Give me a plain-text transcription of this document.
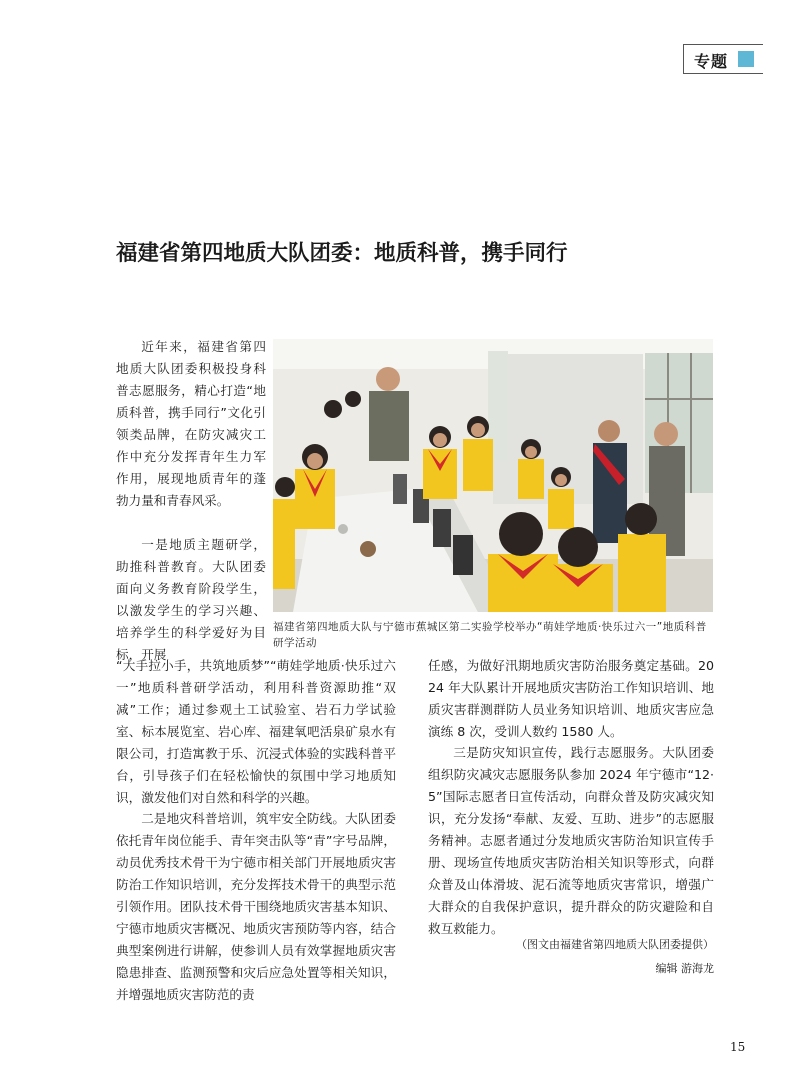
专题
福建省第四地质大队团委：地质科普，携手同行
福建省第四地质大队与宁德市蕉城区第二实验学校举办“萌娃学地质·快乐过六一”地质科普研学活动

近年来，福建省第四地质大队团委积极投身科普志愿服务，精心打造“地质科普，携手同行”文化引领类品牌，在防灾减灾工作中充分发挥青年生力军作用，展现地质青年的蓬勃力量和青春风采。

一是地质主题研学，助推科普教育。大队团委面向义务教育阶段学生，以激发学生的学习兴趣、培养学生的科学爱好为目标，开展

“大手拉小手，共筑地质梦”“萌娃学地质·快乐过六一”地质科普研学活动，利用科普资源助推“双减”工作；通过参观土工试验室、岩石力学试验室、标本展览室、岩心库、福建氧吧活泉矿泉水有限公司，打造寓教于乐、沉浸式体验的实践科普平台，引导孩子们在轻松愉快的氛围中学习地质知识，激发他们对自然和科学的兴趣。

二是地灾科普培训，筑牢安全防线。大队团委依托青年岗位能手、青年突击队等“青”字号品牌，动员优秀技术骨干为宁德市相关部门开展地质灾害防治工作知识培训，充分发挥技术骨干的典型示范引领作用。团队技术骨干围绕地质灾害基本知识、宁德市地质灾害概况、地质灾害预防等内容，结合典型案例进行讲解，使参训人员有效掌握地质灾害隐患排查、监测预警和灾后应急处置等相关知识，并增强地质灾害防范的责

任感，为做好汛期地质灾害防治服务奠定基础。2024 年大队累计开展地质灾害防治工作知识培训、地质灾害群测群防人员业务知识培训、地质灾害应急演练 8 次，受训人数约 1580 人。

三是防灾知识宣传，践行志愿服务。大队团委组织防灾减灾志愿服务队参加 2024 年宁德市“12·5”国际志愿者日宣传活动，向群众普及防灾减灾知识，充分发扬“奉献、友爱、互助、进步”的志愿服务精神。志愿者通过分发地质灾害防治知识宣传手册、现场宣传地质灾害防治相关知识等形式，向群众普及山体滑坡、泥石流等地质灾害常识，增强广大群众的自我保护意识，提升群众的防灾避险和自救互救能力。

（图文由福建省第四地质大队团委提供）
编辑 游海龙
15
